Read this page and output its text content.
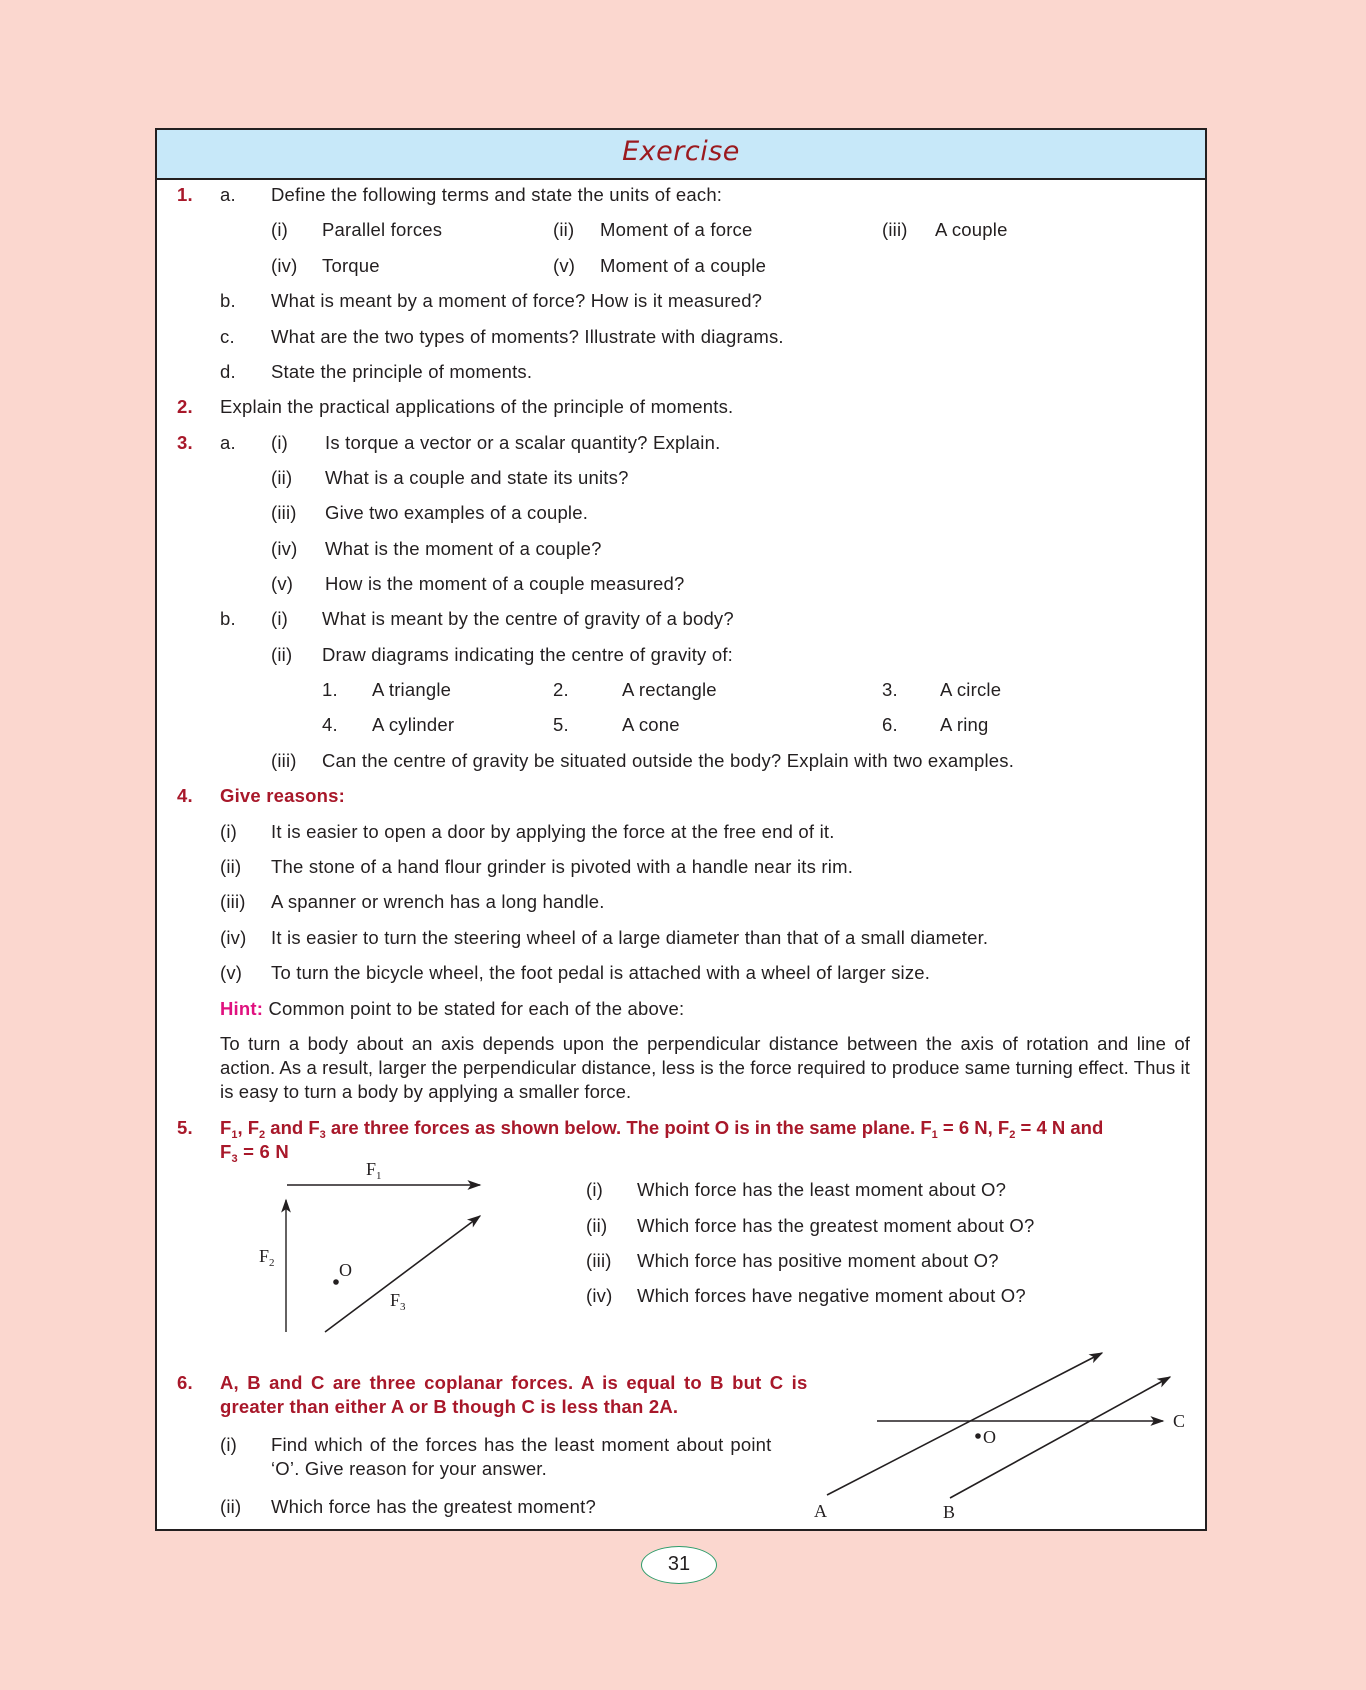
Exercise
1. a. Define the following terms and state the units of each:
(i) Parallel forces	(ii) Moment of a force	(iii) A couple
(iv) Torque	(v) Moment of a couple
b. What is meant by a moment of force? How is it measured?
c. What are the two types of moments? Illustrate with diagrams.
d. State the principle of moments.
2. Explain the practical applications of the principle of moments.
3. a. (i) Is torque a vector or a scalar quantity? Explain.
(ii) What is a couple and state its units?
(iii) Give two examples of a couple.
(iv) What is the moment of a couple?
(v) How is the moment of a couple measured?
b. (i) What is meant by the centre of gravity of a body?
(ii) Draw diagrams indicating the centre of gravity of:
1. A triangle	2.	A rectangle	3. A circle
4. A cylinder	5.	A cone	6. A ring
(iii) Can the centre of gravity be situated outside the body? Explain with two examples.
4. Give reasons:
(i) It is easier to open a door by applying the force at the free end of it.
(ii) The stone of a hand flour grinder is pivoted with a handle near its rim.
(iii) A spanner or wrench has a long handle.
(iv) It is easier to turn the steering wheel of a large diameter than that of a small diameter.
(v) To turn the bicycle wheel, the foot pedal is attached with a wheel of larger size.
Hint: Common point to be stated for each of the above:
To turn a body about an axis depends upon the perpendicular distance between the axis of rotation and line of action. As a result, larger the perpendicular distance, less is the force required to produce same turning effect. Thus it is easy to turn a body by applying a smaller force.
5. $F_1$, $F_2$ and $F_3$ are three forces as shown below. The point O is in the same plane. $F_1 = 6$ N, $F_2 = 4$ N and
$F_3 = 6$ N
$F_1$
$F_2$
$F_3$
O
(i) Which force has the least moment about O?
(ii) Which force has the greatest moment about O?
(iii) Which force has positive moment about O?
(iv) Which forces have negative moment about O?
6. A, B and C are three coplanar forces. A is equal to B but C is
greater than either A or B though C is less than 2A.
(i) Find which of the forces has the least moment about point
‘O’. Give reason for your answer.
(ii) Which force has the greatest moment?
O
C
A	B
31
